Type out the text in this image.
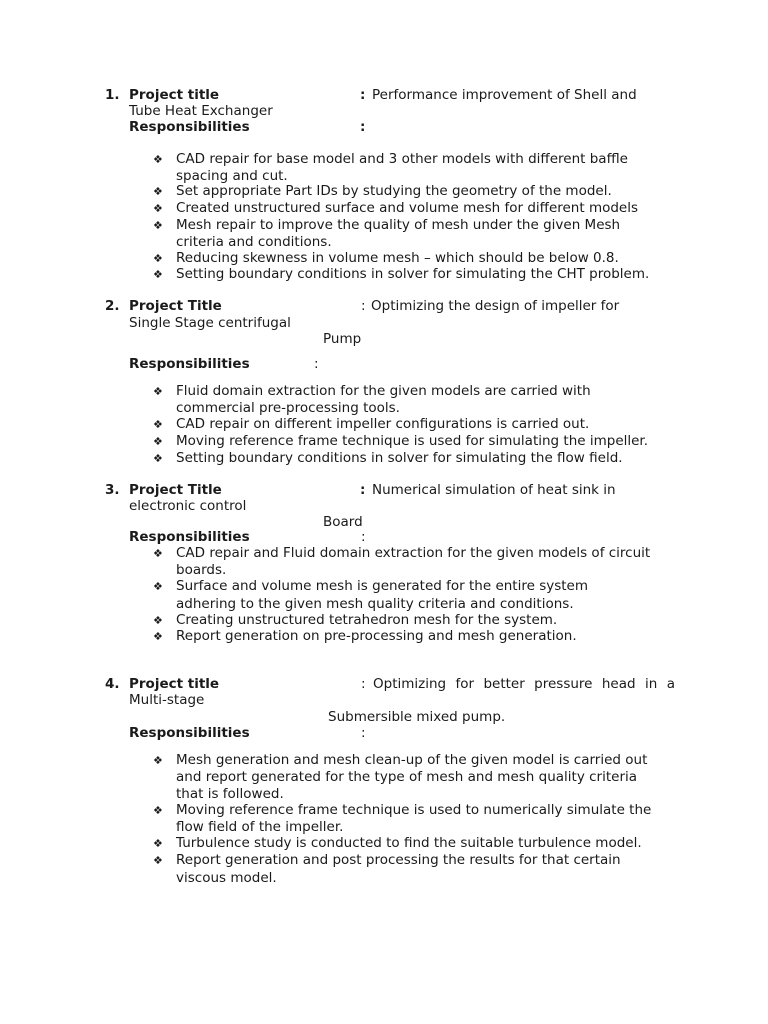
1. Project title	: Performance improvement of Shell and
Tube Heat Exchanger
Responsibilities	:
❖ CAD repair for base model and 3 other models with different baffle
spacing and cut.
❖ Set appropriate Part IDs by studying the geometry of the model.
❖ Created unstructured surface and volume mesh for different models
❖ Mesh repair to improve the quality of mesh under the given Mesh
criteria and conditions.
❖ Reducing skewness in volume mesh – which should be below 0.8.
❖ Setting boundary conditions in solver for simulating the CHT problem.
2. Project Title	: Optimizing the design of impeller for
Single Stage centrifugal
Pump
Responsibilities	:
❖ Fluid domain extraction for the given models are carried with
commercial pre-processing tools.
❖ CAD repair on different impeller configurations is carried out.
❖ Moving reference frame technique is used for simulating the impeller.
❖ Setting boundary conditions in solver for simulating the flow field.
3. Project Title	: Numerical simulation of heat sink in
electronic control
Board
Responsibilities	:
❖ CAD repair and Fluid domain extraction for the given models of circuit
boards.
❖ Surface and volume mesh is generated for the entire system
adhering to the given mesh quality criteria and conditions.
❖ Creating unstructured tetrahedron mesh for the system.
❖ Report generation on pre-processing and mesh generation.
4. Project title	: Optimizing for better pressure head in a
Multi-stage
Submersible mixed pump.
Responsibilities	:
❖ Mesh generation and mesh clean-up of the given model is carried out
and report generated for the type of mesh and mesh quality criteria
that is followed.
❖ Moving reference frame technique is used to numerically simulate the
flow field of the impeller.
❖ Turbulence study is conducted to find the suitable turbulence model.
❖ Report generation and post processing the results for that certain
viscous model.
